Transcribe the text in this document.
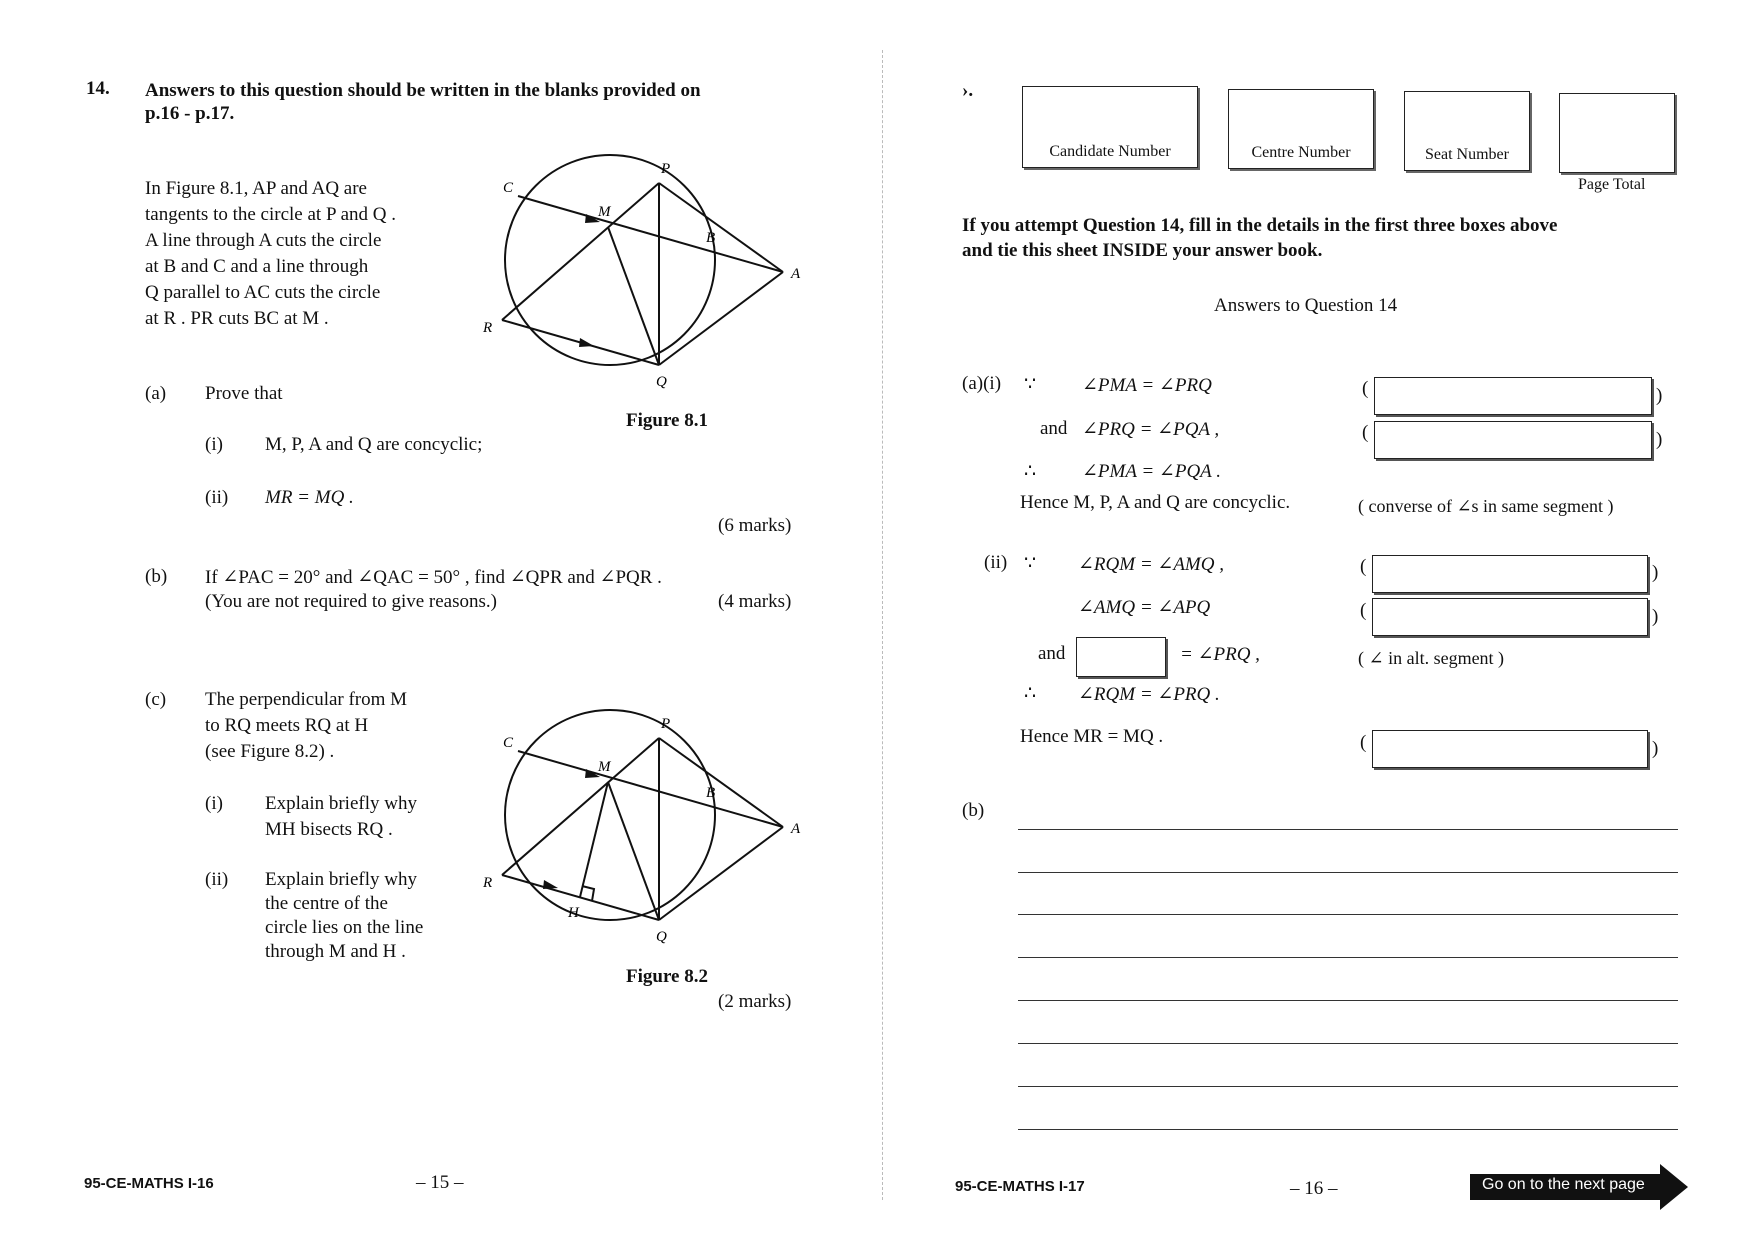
14. Answers to this question should be written in the blanks provided on
p.16 - p.17.
In Figure 8.1, AP and AQ are
tangents to the circle at P and Q .
A line through A cuts the circle
at B and C and a line through
Q parallel to AC cuts the circle
at R . PR cuts BC at M .
C
P
M
B
A
R
Q
Figure 8.1
(a) Prove that
(i) M, P, A and Q are concyclic;
(ii) MR = MQ .
(6 marks)
(b) If ∠PAC = 20° and ∠QAC = 50° , find ∠QPR and ∠PQR .
(You are not required to give reasons.)	(4 marks)
(c) The perpendicular from M
to RQ meets RQ at H
(see Figure 8.2) .
(i) Explain briefly why
MH bisects RQ .
(ii) Explain briefly why
the centre of the
circle lies on the line
through M and H .
C
P
M
B
A
R
Q
H
Figure 8.2
(2 marks)
95-CE-MATHS I-16	– 15 –
›.
Candidate Number	Centre Number	Seat Number
Page Total
If you attempt Question 14, fill in the details in the first three boxes above
and tie this sheet INSIDE your answer book.
Answers to Question 14
(a)(i) ∵ ∠PMA = ∠PRQ	(	)
and ∠PRQ = ∠PQA ,	(	)
∴ ∠PMA = ∠PQA .
Hence M, P, A and Q are concyclic.	( converse of ∠s in same segment )
(ii) ∵ ∠RQM = ∠AMQ ,	(	)
∠AMQ = ∠APQ	(	)
and	= ∠PRQ ,	( ∠ in alt. segment )
∴ ∠RQM = ∠PRQ .
Hence MR = MQ .	(	)
(b)
95-CE-MATHS I-17	– 16 –	Go on to the next page
